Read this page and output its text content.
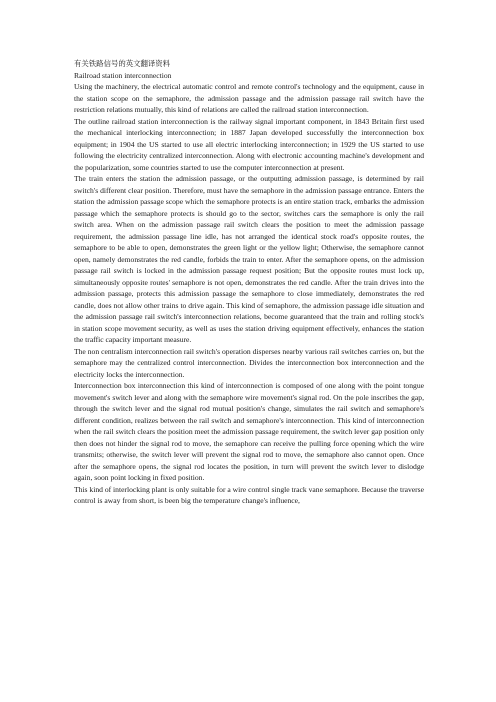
有关铁路信号的英文翻译资料

Railroad station interconnection

Using the machinery, the electrical automatic control and remote control's technology and the equipment, cause in the station scope on the semaphore, the admission passage and the admission passage rail switch have the restriction relations mutually, this kind of relations are called the railroad station interconnection.

The outline railroad station interconnection is the railway signal important component, in 1843 Britain first used the mechanical interlocking interconnection; in 1887 Japan developed successfully the interconnection box equipment; in 1904 the US started to use all electric interlocking interconnection; in 1929 the US started to use following the electricity centralized interconnection. Along with electronic accounting machine's development and the popularization, some countries started to use the computer interconnection at present.

The train enters the station the admission passage, or the outputting admission passage, is determined by rail switch's different clear position. Therefore, must have the semaphore in the admission passage entrance. Enters the station the admission passage scope which the semaphore protects is an entire station track, embarks the admission passage which the semaphore protects is should go to the sector, switches cars the semaphore is only the rail switch area. When on the admission passage rail switch clears the position to meet the admission passage requirement, the admission passage line idle, has not arranged the identical stock road's opposite routes, the semaphore to be able to open, demonstrates the green light or the yellow light; Otherwise, the semaphore cannot open, namely demonstrates the red candle, forbids the train to enter. After the semaphore opens, on the admission passage rail switch is locked in the admission passage request position; But the opposite routes must lock up, simultaneously opposite routes' semaphore is not open, demonstrates the red candle. After the train drives into the admission passage, protects this admission passage the semaphore to close immediately, demonstrates the red candle, does not allow other trains to drive again. This kind of semaphore, the admission passage idle situation and the admission passage rail switch's interconnection relations, become guaranteed that the train and rolling stock's in station scope movement security, as well as uses the station driving equipment effectively, enhances the station the traffic capacity important measure.

The non centralism interconnection rail switch's operation disperses nearby various rail switches carries on, but the semaphore may the centralized control interconnection. Divides the interconnection box interconnection and the electricity locks the interconnection.

Interconnection box interconnection this kind of interconnection is composed of one along with the point tongue movement's switch lever and along with the semaphore wire movement's signal rod. On the pole inscribes the gap, through the switch lever and the signal rod mutual position's change, simulates the rail switch and semaphore's different condition, realizes between the rail switch and semaphore's interconnection. This kind of interconnection when the rail switch clears the position meet the admission passage requirement, the switch lever gap position only then does not hinder the signal rod to move, the semaphore can receive the pulling force opening which the wire transmits; otherwise, the switch lever will prevent the signal rod to move, the semaphore also cannot open. Once after the semaphore opens, the signal rod locates the position, in turn will prevent the switch lever to dislodge again, soon point locking in fixed position.

This kind of interlocking plant is only suitable for a wire control single track vane semaphore. Because the traverse control is away from short, is been big the temperature change's influence,
